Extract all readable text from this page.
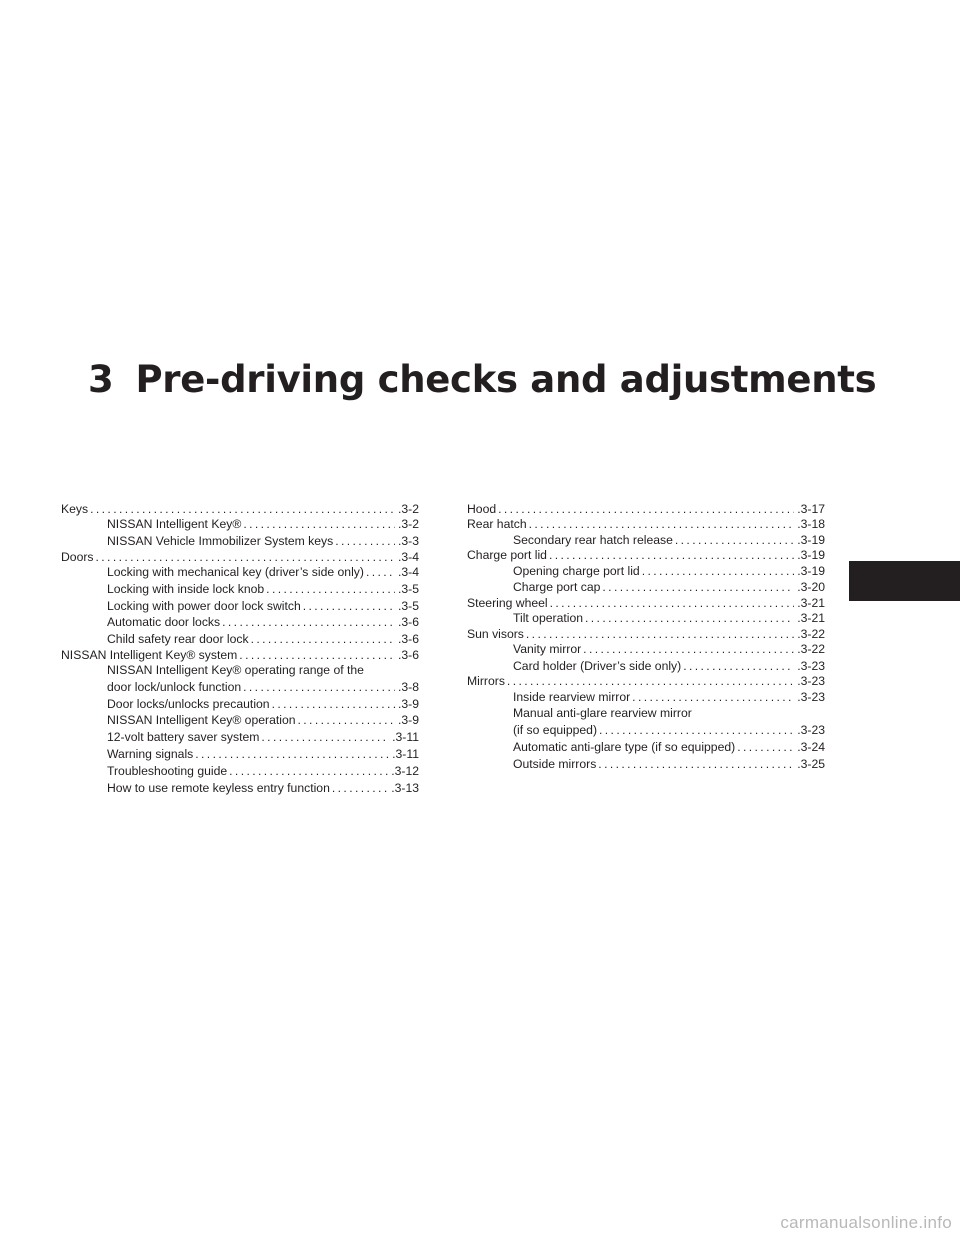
3 Pre-driving checks and adjustments
Keys . . .	.3-2
NISSAN Intelligent Key® . . .	.3-2
NISSAN Vehicle Immobilizer System keys . . .	.3-3
Doors . . .	.3-4
Locking with mechanical key (driver’s side only) . . .	.3-4
Locking with inside lock knob . . .	.3-5
Locking with power door lock switch . . .	.3-5
Automatic door locks . . .	.3-6
Child safety rear door lock . . .	.3-6
NISSAN Intelligent Key® system . . .	.3-6
NISSAN Intelligent Key® operating range of the
door lock/unlock function . . .	.3-8
Door locks/unlocks precaution . . .	.3-9
NISSAN Intelligent Key® operation . . .	.3-9
12-volt battery saver system . . .	.3-11
Warning signals . . .	.3-11
Troubleshooting guide . . .	.3-12
How to use remote keyless entry function . . .	.3-13
Hood . . .	.3-17
Rear hatch . . .	.3-18
Secondary rear hatch release . . .	.3-19
Charge port lid . . .	.3-19
Opening charge port lid . . .	.3-19
Charge port cap . . .	.3-20
Steering wheel . . .	.3-21
Tilt operation . . .	.3-21
Sun visors . . .	.3-22
Vanity mirror . . .	.3-22
Card holder (Driver’s side only) . . .	.3-23
Mirrors . . .	.3-23
Inside rearview mirror . . .	.3-23
Manual anti-glare rearview mirror
(if so equipped) . . .	.3-23
Automatic anti-glare type (if so equipped) . . .	.3-24
Outside mirrors . . .	.3-25
carmanualsonline.info
